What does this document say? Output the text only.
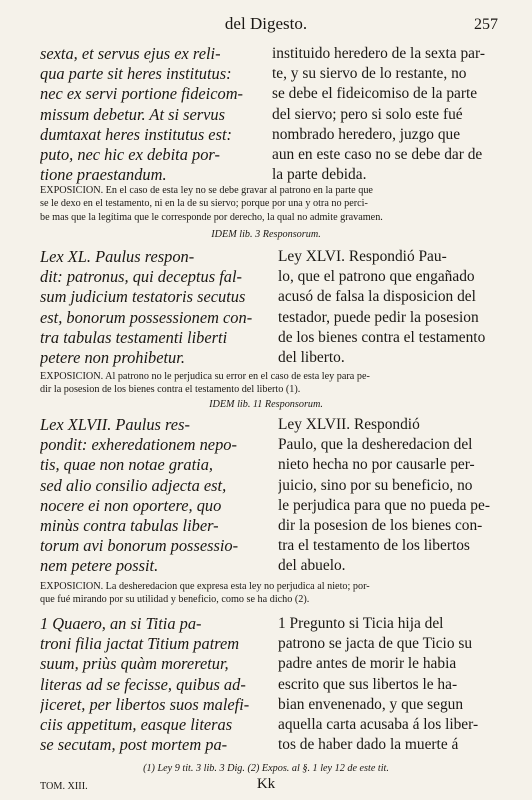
del Digesto.	257
sexta, et servus ejus ex reli-
qua parte sit heres institutus:
nec ex servi portione fideicom-
missum debetur. At si servus
dumtaxat heres institutus est:
puto, nec hic ex debita por-
tione praestandum.
instituido heredero de la sexta par-
te, y su siervo de lo restante, no
se debe el fideicomiso de la parte
del siervo; pero si solo este fué
nombrado heredero, juzgo que
aun en este caso no se debe dar de
la parte debida.
EXPOSICION. En el caso de esta ley no se debe gravar al patrono en la parte que
se le dexo en el testamento, ni en la de su siervo; porque por una y otra no perci-
be mas que la legítima que le corresponde por derecho, la qual no admite gravamen.
IDEM lib. 3 Responsorum.
Lex XL. Paulus respon-
dit: patronus, qui deceptus fal-
sum judicium testatoris secutus
est, bonorum possessionem con-
tra tabulas testamenti liberti
petere non prohibetur.
Ley XLVI. Respondió Pau-
lo, que el patrono que engañado
acusó de falsa la disposicion del
testador, puede pedir la posesion
de los bienes contra el testamento
del liberto.
EXPOSICION. Al patrono no le perjudica su error en el caso de esta ley para pe-
dir la posesion de los bienes contra el testamento del liberto (1).
IDEM lib. 11 Responsorum.
Lex XLVII. Paulus res-
pondit: exheredationem nepo-
tis, quae non notae gratia,
sed alio consilio adjecta est,
nocere ei non oportere, quo
minùs contra tabulas liber-
torum avi bonorum possessio-
nem petere possit.
Ley XLVII. Respondió
Paulo, que la desheredacion del
nieto hecha no por causarle per-
juicio, sino por su beneficio, no
le perjudica para que no pueda pe-
dir la posesion de los bienes con-
tra el testamento de los libertos
del abuelo.
EXPOSICION. La desheredacion que expresa esta ley no perjudica al nieto; por-
que fué mirando por su utilidad y beneficio, como se ha dicho (2).
1 Quaero, an si Titia pa-
troni filia jactat Titium patrem
suum, priùs quàm moreretur,
literas ad se fecisse, quibus ad-
jiceret, per libertos suos malefi-
ciis appetitum, easque literas
se secutam, post mortem pa-
1 Pregunto si Ticia hija del
patrono se jacta de que Ticio su
padre antes de morir le habia
escrito que sus libertos le ha-
bian envenenado, y que segun
aquella carta acusaba á los liber-
tos de haber dado la muerte á
(1) Ley 9 tit. 3 lib. 3 Dig. (2) Expos. al §. 1 ley 12 de este tit.
TOM. XIII.	Kk
